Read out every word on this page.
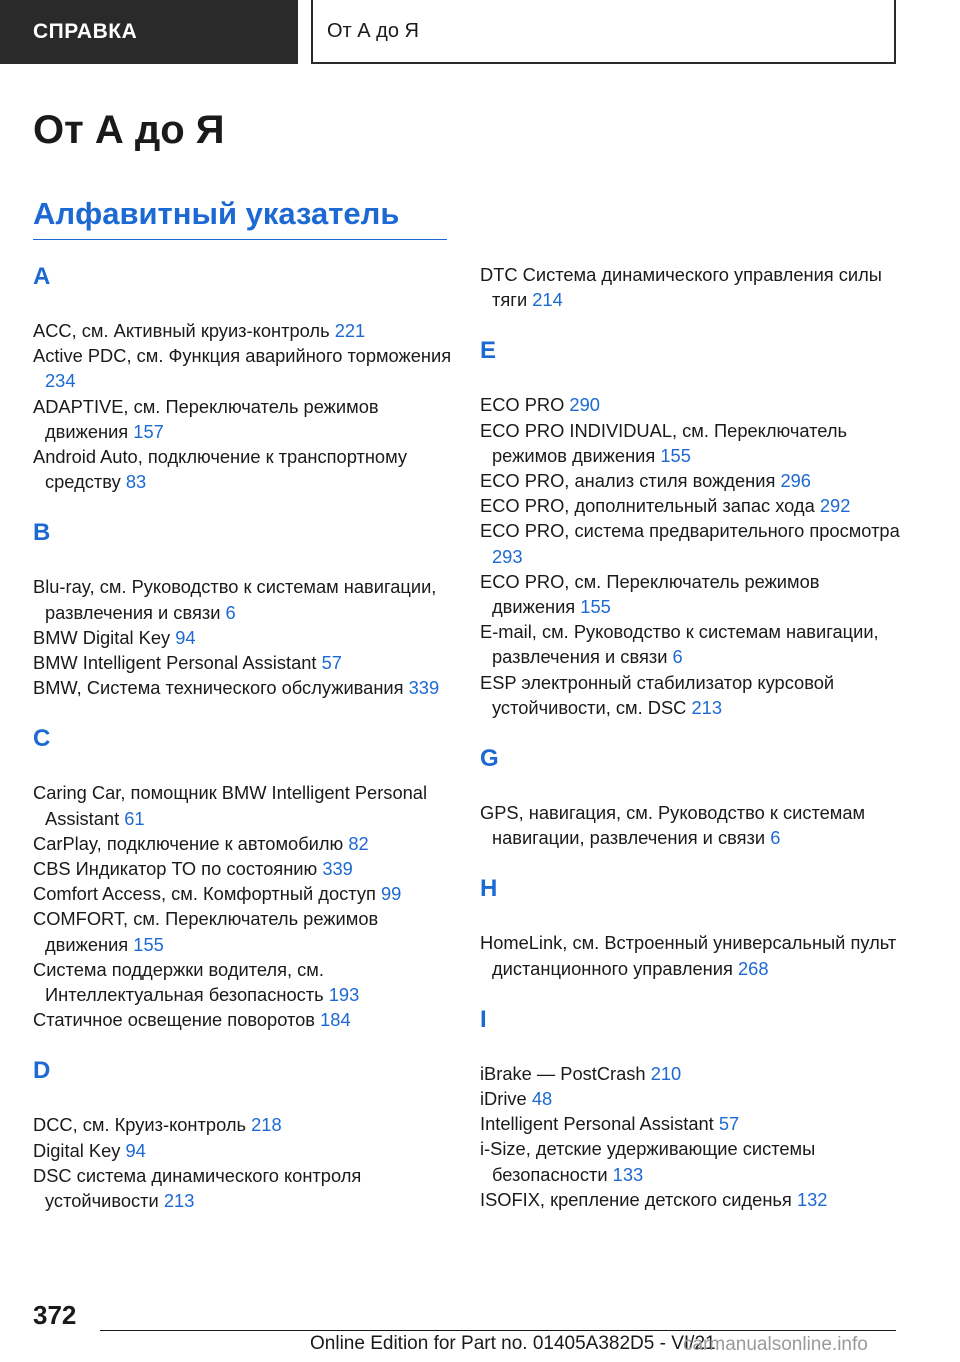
СПРАВКА	От А до Я
От А до Я
Алфавитный указатель
A
ACC, см. Активный круиз-контроль 221
Active PDC, см. Функция аварийного торможения 234
ADAPTIVE, см. Переключатель режимов движения 157
Android Auto, подключение к транспортному средству 83
B
Blu-ray, см. Руководство к системам навигации, развлечения и связи 6
BMW Digital Key 94
BMW Intelligent Personal Assistant 57
BMW, Система технического обслуживания 339
C
Caring Car, помощник BMW Intelligent Personal Assistant 61
CarPlay, подключение к автомобилю 82
CBS Индикатор ТО по состоянию 339
Comfort Access, см. Комфортный доступ 99
COMFORT, см. Переключатель режимов движения 155
Система поддержки водителя, см. Интеллектуальная безопасность 193
Статичное освещение поворотов 184
D
DCC, см. Круиз-контроль 218
Digital Key 94
DSC система динамического контроля устойчивости 213
DTC Система динамического управления силы тяги 214
E
ECO PRO 290
ECO PRO INDIVIDUAL, см. Переключатель режимов движения 155
ECO PRO, анализ стиля вождения 296
ECO PRO, дополнительный запас хода 292
ECO PRO, система предварительного просмотра 293
ECO PRO, см. Переключатель режимов движения 155
E-mail, см. Руководство к системам навигации, развлечения и связи 6
ESP электронный стабилизатор курсовой устойчивости, см. DSC 213
G
GPS, навигация, см. Руководство к системам навигации, развлечения и связи 6
H
HomeLink, см. Встроенный универсальный пульт дистанционного управления 268
I
iBrake — PostCrash 210
iDrive 48
Intelligent Personal Assistant 57
i-Size, детские удерживающие системы безопасности 133
ISOFIX, крепление детского сиденья 132
372
Online Edition for Part no. 01405A382D5 - VI/21
carmanualsonline.info
